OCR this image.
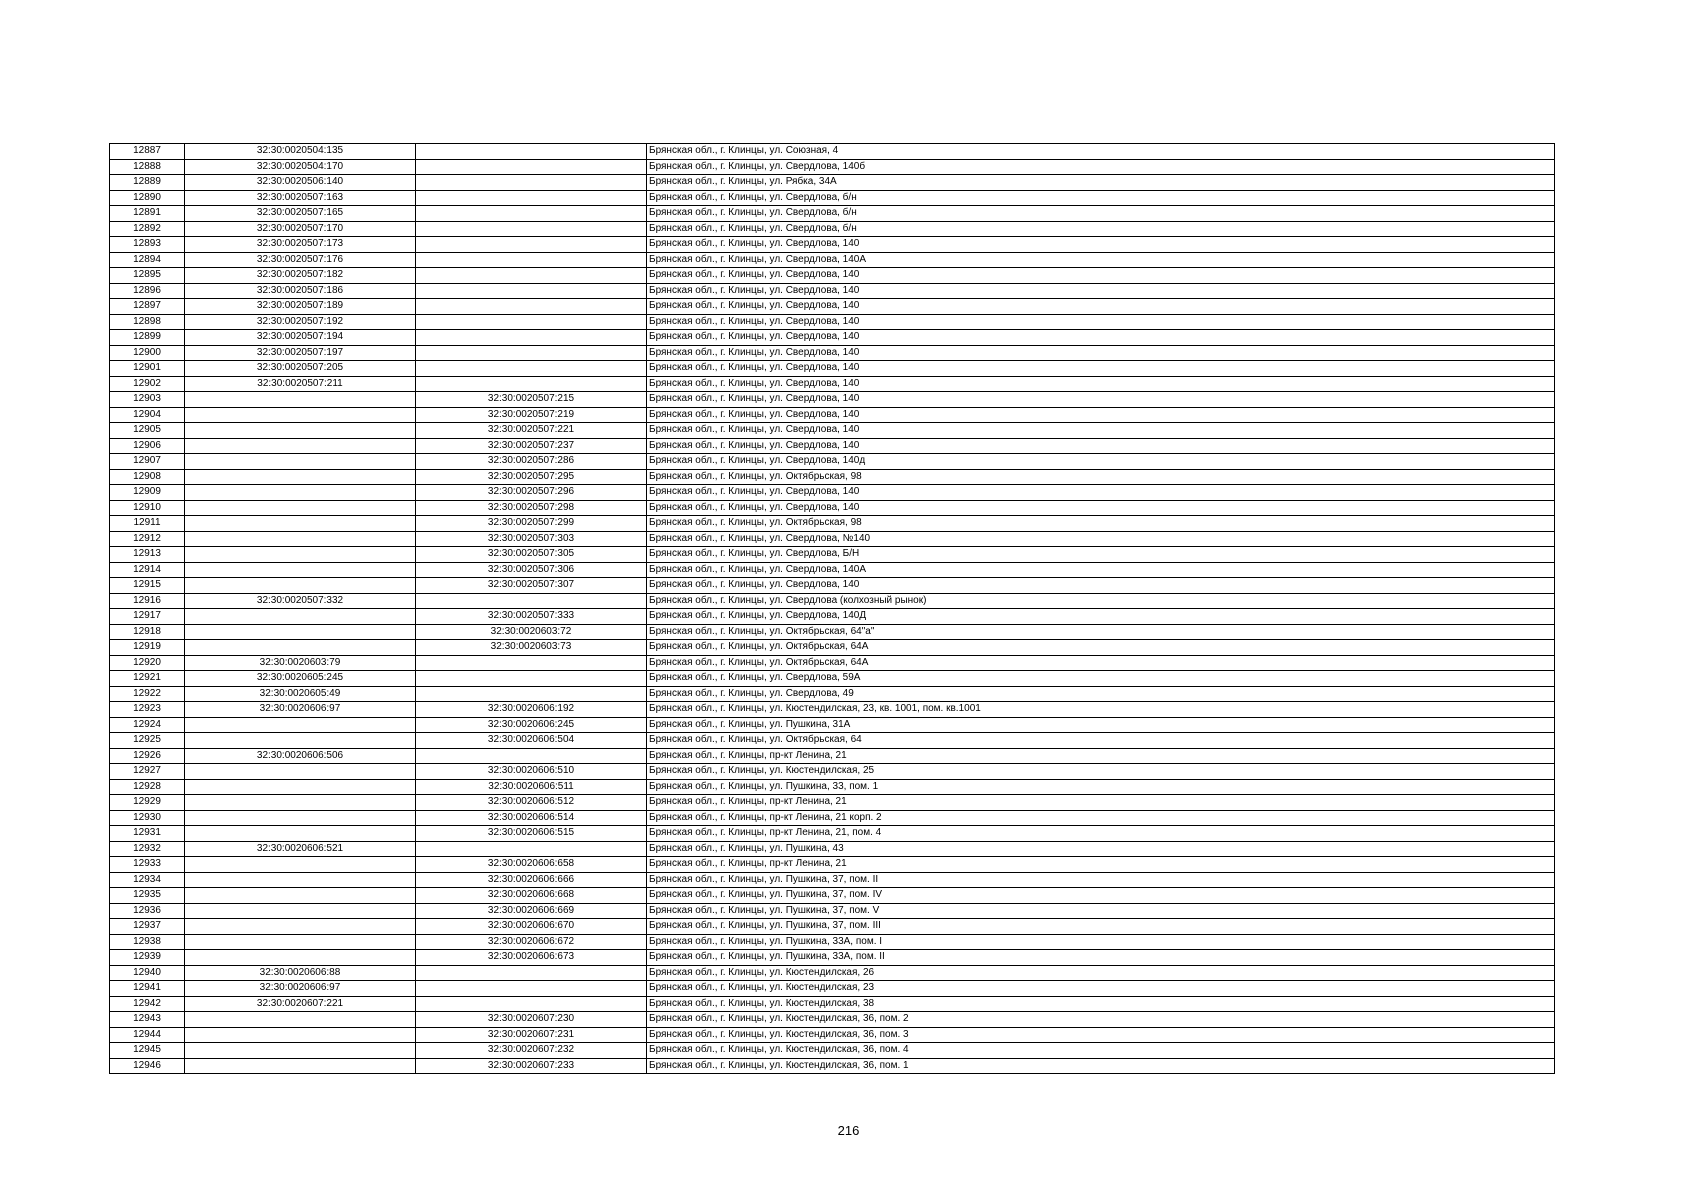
12887	32:30:0020504:135		Брянская обл., г. Клинцы, ул. Союзная, 4
12888	32:30:0020504:170		Брянская обл., г. Клинцы, ул. Свердлова, 140б
12889	32:30:0020506:140		Брянская обл., г. Клинцы, ул. Рябка, 34А
12890	32:30:0020507:163		Брянская обл., г. Клинцы, ул. Свердлова, б/н
12891	32:30:0020507:165		Брянская обл., г. Клинцы, ул. Свердлова, б/н
12892	32:30:0020507:170		Брянская обл., г. Клинцы, ул. Свердлова, б/н
12893	32:30:0020507:173		Брянская обл., г. Клинцы, ул. Свердлова, 140
12894	32:30:0020507:176		Брянская обл., г. Клинцы, ул. Свердлова, 140А
12895	32:30:0020507:182		Брянская обл., г. Клинцы, ул. Свердлова, 140
12896	32:30:0020507:186		Брянская обл., г. Клинцы, ул. Свердлова, 140
12897	32:30:0020507:189		Брянская обл., г. Клинцы, ул. Свердлова, 140
12898	32:30:0020507:192		Брянская обл., г. Клинцы, ул. Свердлова, 140
12899	32:30:0020507:194		Брянская обл., г. Клинцы, ул. Свердлова, 140
12900	32:30:0020507:197		Брянская обл., г. Клинцы, ул. Свердлова, 140
12901	32:30:0020507:205		Брянская обл., г. Клинцы, ул. Свердлова, 140
12902	32:30:0020507:211		Брянская обл., г. Клинцы, ул. Свердлова, 140
12903		32:30:0020507:215	Брянская обл., г. Клинцы, ул. Свердлова, 140
12904		32:30:0020507:219	Брянская обл., г. Клинцы, ул. Свердлова, 140
12905		32:30:0020507:221	Брянская обл., г. Клинцы, ул. Свердлова, 140
12906		32:30:0020507:237	Брянская обл., г. Клинцы, ул. Свердлова, 140
12907		32:30:0020507:286	Брянская обл., г. Клинцы, ул. Свердлова, 140д
12908		32:30:0020507:295	Брянская обл., г. Клинцы, ул. Октябрьская, 98
12909		32:30:0020507:296	Брянская обл., г. Клинцы, ул. Свердлова, 140
12910		32:30:0020507:298	Брянская обл., г. Клинцы, ул. Свердлова, 140
12911		32:30:0020507:299	Брянская обл., г. Клинцы, ул. Октябрьская, 98
12912		32:30:0020507:303	Брянская обл., г. Клинцы, ул. Свердлова, №140
12913		32:30:0020507:305	Брянская обл., г. Клинцы, ул. Свердлова, Б/Н
12914		32:30:0020507:306	Брянская обл., г. Клинцы, ул. Свердлова, 140А
12915		32:30:0020507:307	Брянская обл., г. Клинцы, ул. Свердлова, 140
12916	32:30:0020507:332		Брянская обл., г. Клинцы, ул. Свердлова (колхозный рынок)
12917		32:30:0020507:333	Брянская обл., г. Клинцы, ул. Свердлова, 140Д
12918		32:30:0020603:72	Брянская обл., г. Клинцы, ул. Октябрьская, 64"а"
12919		32:30:0020603:73	Брянская обл., г. Клинцы, ул. Октябрьская, 64А
12920	32:30:0020603:79		Брянская обл., г. Клинцы, ул. Октябрьская, 64А
12921	32:30:0020605:245		Брянская обл., г. Клинцы, ул. Свердлова, 59А
12922	32:30:0020605:49		Брянская обл., г. Клинцы, ул. Свердлова, 49
12923	32:30:0020606:97	32:30:0020606:192	Брянская обл., г. Клинцы, ул. Кюстендилская, 23, кв. 1001, пом. кв.1001
12924		32:30:0020606:245	Брянская обл., г. Клинцы, ул. Пушкина, 31А
12925		32:30:0020606:504	Брянская обл., г. Клинцы, ул. Октябрьская, 64
12926	32:30:0020606:506		Брянская обл., г. Клинцы, пр-кт Ленина, 21
12927		32:30:0020606:510	Брянская обл., г. Клинцы, ул. Кюстендилская, 25
12928		32:30:0020606:511	Брянская обл., г. Клинцы, ул. Пушкина, 33, пом. 1
12929		32:30:0020606:512	Брянская обл., г. Клинцы, пр-кт Ленина, 21
12930		32:30:0020606:514	Брянская обл., г. Клинцы, пр-кт Ленина, 21 корп. 2
12931		32:30:0020606:515	Брянская обл., г. Клинцы, пр-кт Ленина, 21, пом. 4
12932	32:30:0020606:521		Брянская обл., г. Клинцы, ул. Пушкина, 43
12933		32:30:0020606:658	Брянская обл., г. Клинцы, пр-кт Ленина, 21
12934		32:30:0020606:666	Брянская обл., г. Клинцы, ул. Пушкина, 37, пом. II
12935		32:30:0020606:668	Брянская обл., г. Клинцы, ул. Пушкина, 37, пом. IV
12936		32:30:0020606:669	Брянская обл., г. Клинцы, ул. Пушкина, 37, пом. V
12937		32:30:0020606:670	Брянская обл., г. Клинцы, ул. Пушкина, 37, пом. III
12938		32:30:0020606:672	Брянская обл., г. Клинцы, ул. Пушкина, 33А, пом. I
12939		32:30:0020606:673	Брянская обл., г. Клинцы, ул. Пушкина, 33А, пом. II
12940	32:30:0020606:88		Брянская обл., г. Клинцы, ул. Кюстендилская, 26
12941	32:30:0020606:97		Брянская обл., г. Клинцы, ул. Кюстендилская, 23
12942	32:30:0020607:221		Брянская обл., г. Клинцы, ул. Кюстендилская, 38
12943		32:30:0020607:230	Брянская обл., г. Клинцы, ул. Кюстендилская, 36, пом. 2
12944		32:30:0020607:231	Брянская обл., г. Клинцы, ул. Кюстендилская, 36, пом. 3
12945		32:30:0020607:232	Брянская обл., г. Клинцы, ул. Кюстендилская, 36, пом. 4
12946		32:30:0020607:233	Брянская обл., г. Клинцы, ул. Кюстендилская, 36, пом. 1
216
